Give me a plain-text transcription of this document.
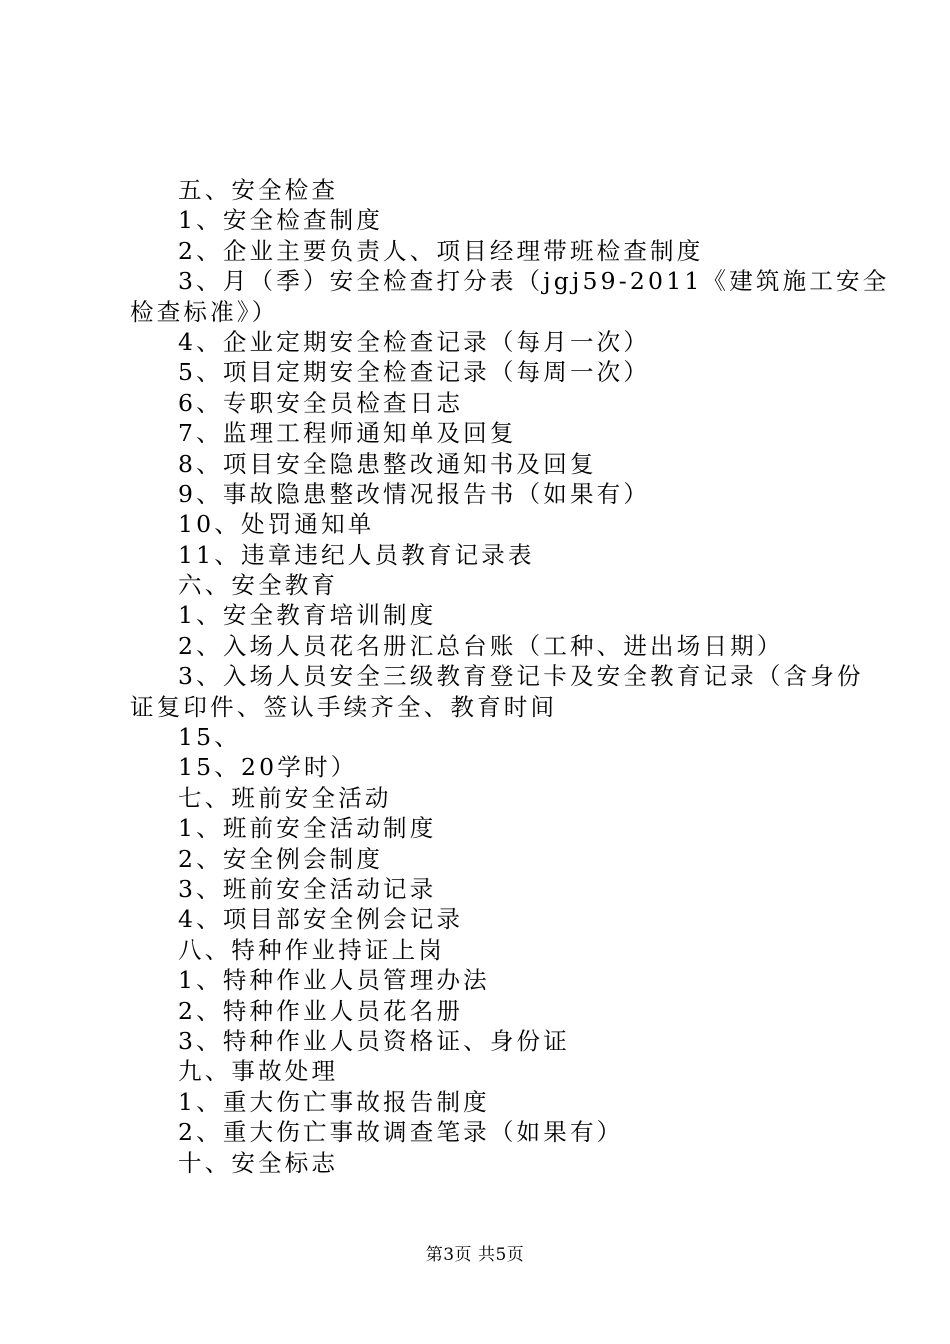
五、安全检查
1、安全检查制度
2、企业主要负责人、项目经理带班检查制度
3、月（季）安全检查打分表（jgj59-2011《建筑施工安全
检查标准》）
4、企业定期安全检查记录（每月一次）
5、项目定期安全检查记录（每周一次）
6、专职安全员检查日志
7、监理工程师通知单及回复
8、项目安全隐患整改通知书及回复
9、事故隐患整改情况报告书（如果有）
10、处罚通知单
11、违章违纪人员教育记录表
六、安全教育
1、安全教育培训制度
2、入场人员花名册汇总台账（工种、进出场日期）
3、入场人员安全三级教育登记卡及安全教育记录（含身份
证复印件、签认手续齐全、教育时间
15、
15、20学时）
七、班前安全活动
1、班前安全活动制度
2、安全例会制度
3、班前安全活动记录
4、项目部安全例会记录
八、特种作业持证上岗
1、特种作业人员管理办法
2、特种作业人员花名册
3、特种作业人员资格证、身份证
九、事故处理
1、重大伤亡事故报告制度
2、重大伤亡事故调查笔录（如果有）
十、安全标志
第3页 共5页
